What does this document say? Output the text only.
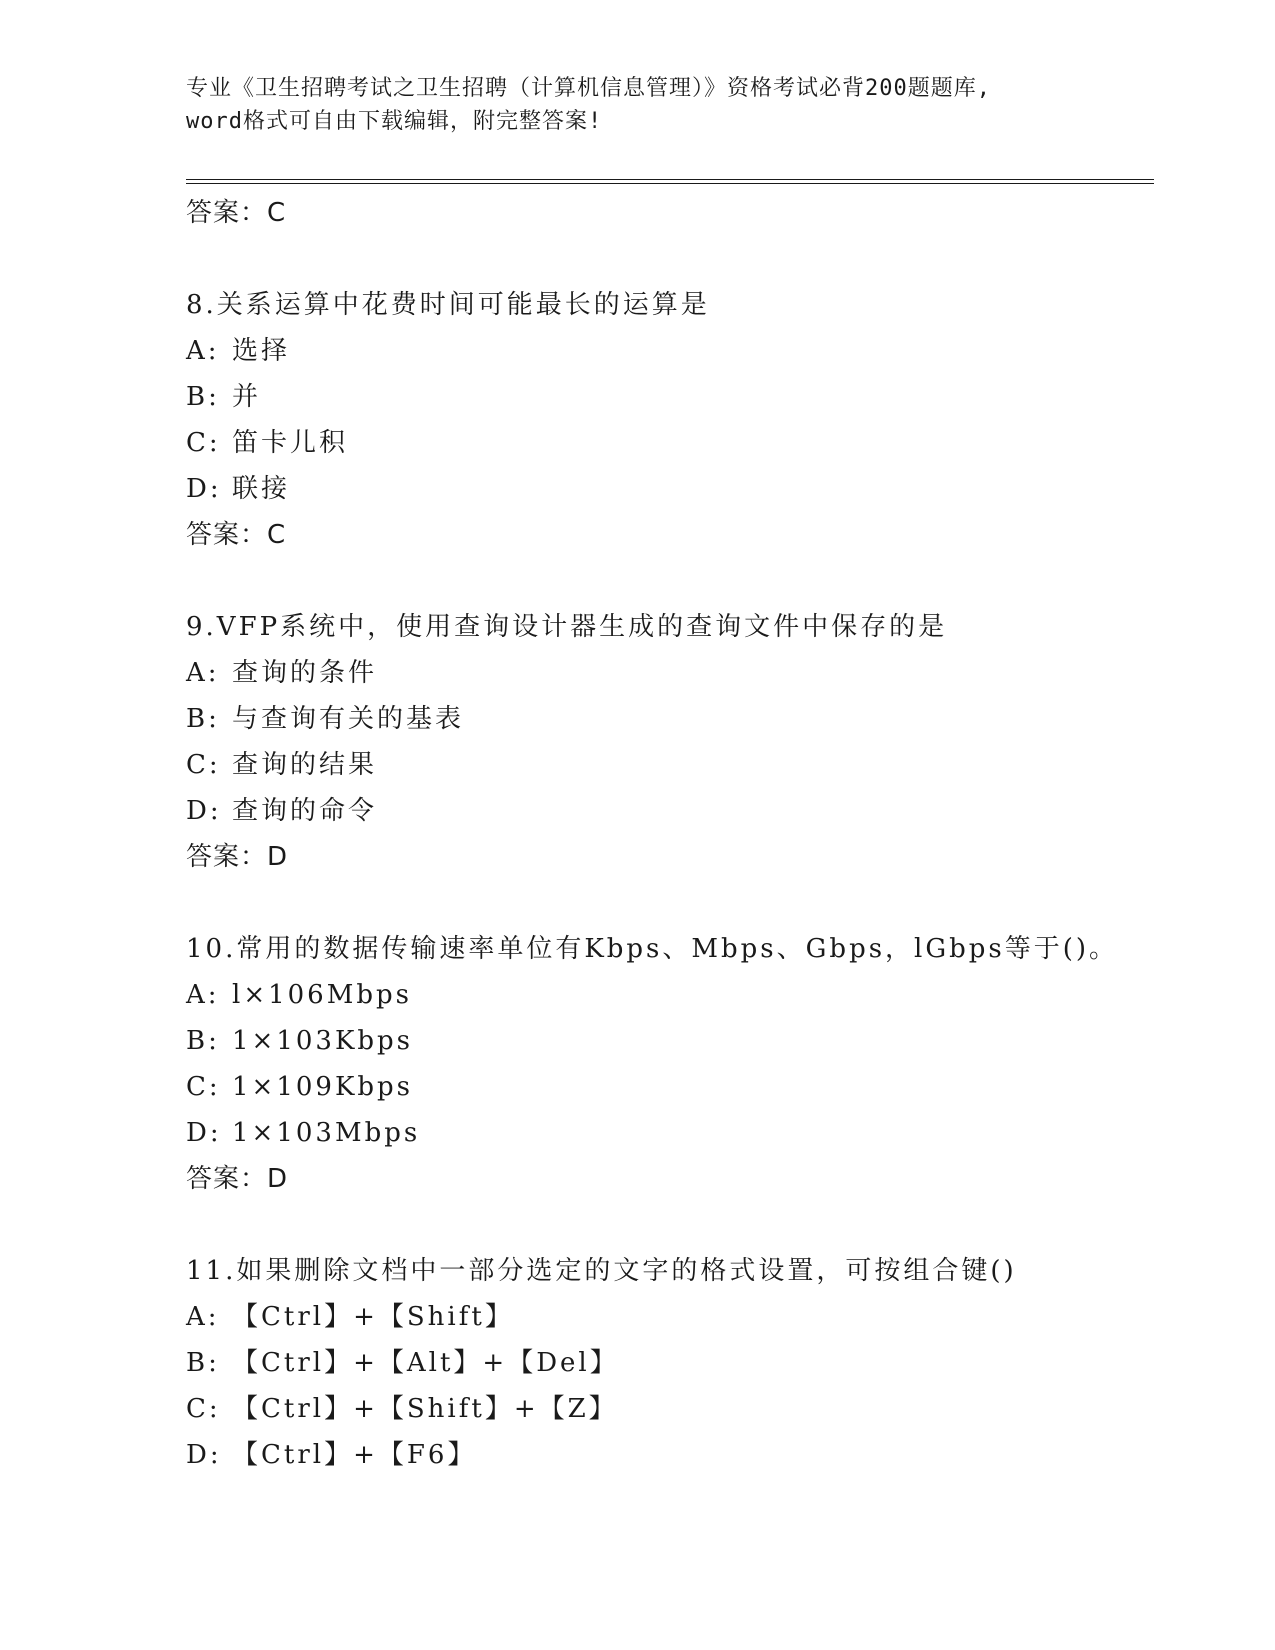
专业《卫生招聘考试之卫生招聘（计算机信息管理）》资格考试必背200题题库,
word格式可自由下载编辑，附完整答案!
答案：C
8.关系运算中花费时间可能最长的运算是
A: 选择
B: 并
C: 笛卡儿积
D: 联接
答案：C
9.VFP系统中，使用查询设计器生成的查询文件中保存的是
A: 查询的条件
B: 与查询有关的基表
C: 查询的结果
D: 查询的命令
答案：D
10.常用的数据传输速率单位有Kbps、Mbps、Gbps，lGbps等于()。
A: l×106Mbps
B: 1×103Kbps
C: 1×109Kbps
D: 1×103Mbps
答案：D
11.如果删除文档中一部分选定的文字的格式设置，可按组合键()
A: 【Ctrl】+【Shift】
B: 【Ctrl】+【Alt】+【Del】
C: 【Ctrl】+【Shift】+【Z】
D: 【Ctrl】+【F6】
